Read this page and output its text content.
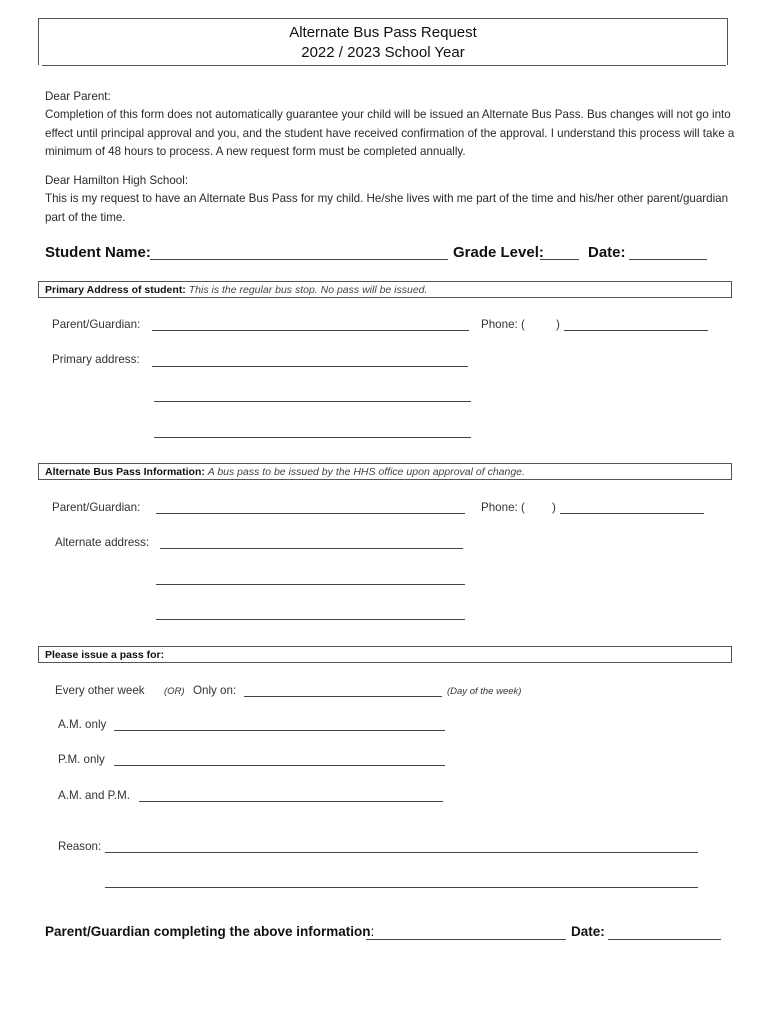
Alternate Bus Pass Request
2022 / 2023 School Year
Dear Parent:
Completion of this form does not automatically guarantee your child will be issued an Alternate Bus Pass. Bus changes will not go into effect until principal approval and you, and the student have received confirmation of the approval. I understand this process will take a minimum of 48 hours to process. A new request form must be completed annually.
Dear Hamilton High School:
This is my request to have an Alternate Bus Pass for my child. He/she lives with me part of the time and his/her other parent/guardian part of the time.
Student Name:	Grade Level:	Date:
Primary Address of student: This is the regular bus stop. No pass will be issued.
Parent/Guardian:	Phone: (	)
Primary address:
Alternate Bus Pass Information: A bus pass to be issued by the HHS office upon approval of change.
Parent/Guardian:	Phone: ( )
Alternate address:
Please issue a pass for:
Every other week (OR) Only on:	(Day of the week)
A.M. only
P.M. only
A.M. and P.M.
Reason:
Parent/Guardian completing the above information:	Date:
